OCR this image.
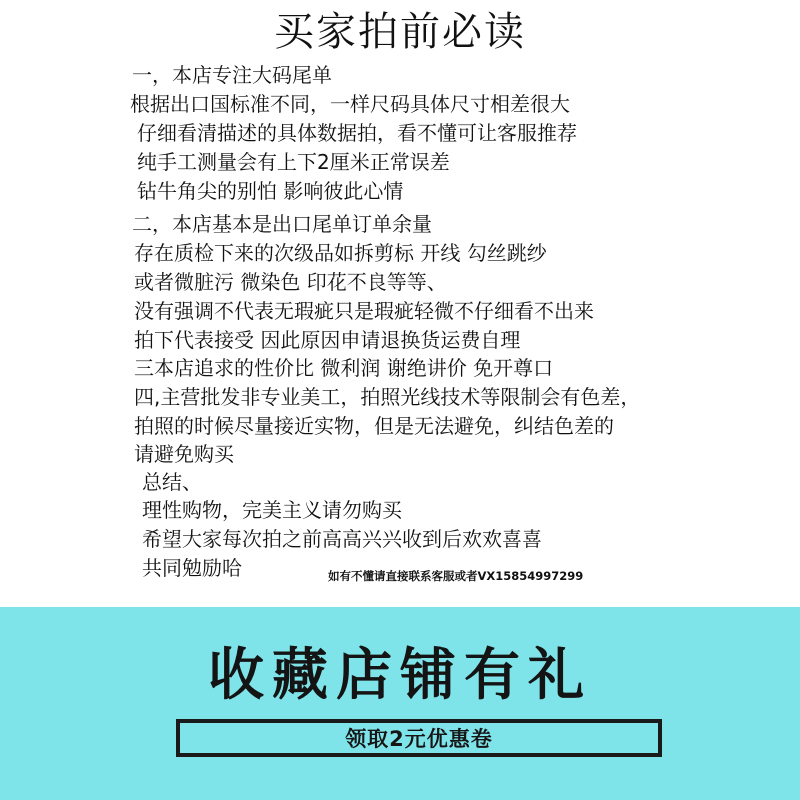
买家拍前必读
一，本店专注大码尾单
根据出口国标准不同，一样尺码具体尺寸相差很大
仔细看清描述的具体数据拍，看不懂可让客服推荐
纯手工测量会有上下2厘米正常误差
钻牛角尖的别怕 影响彼此心情
二，本店基本是出口尾单订单余量
存在质检下来的次级品如拆剪标 开线 勾丝跳纱
或者微脏污 微染色 印花不良等等、
没有强调不代表无瑕疵只是瑕疵轻微不仔细看不出来
拍下代表接受 因此原因申请退换货运费自理
三本店追求的性价比 微利润 谢绝讲价 免开尊口
四,主营批发非专业美工，拍照光线技术等限制会有色差，
拍照的时候尽量接近实物，但是无法避免，纠结色差的
请避免购买
总结、
理性购物，完美主义请勿购买
希望大家每次拍之前高高兴兴收到后欢欢喜喜
共同勉励哈	如有不懂请直接联系客服或者VX15854997299
收藏店铺有礼
领取2元优惠卷
